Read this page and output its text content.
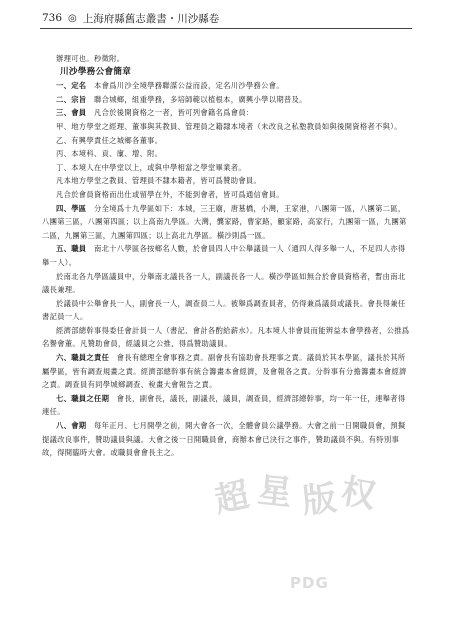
736 ◎ 上海府縣舊志叢書・川沙縣卷

辦理可也。秒徵附。

川沙學務公會簡章

一、定名　 本會爲川沙全境學務聯謀公益而設，定名川沙學務公會。

二、宗旨　 聯合城鄉，組重學務，多培師範以植根本，廣興小學以期普及。

三、會員　 凡合於後開資格之一者，皆可列會籍名爲會員：

甲、地方學堂之經理、董事與其教員、管理員之籍隸本境者（未改良之私塾教員如與後開資格者不與）。

乙、有興學責任之城鄉各董事。

丙、本境科、貢、廩、增、附。

丁、本境人在中學堂以上，或與中學相當之學堂畢業者。

凡本地方學堂之教員、管理員不隸本籍者，皆可爲贊助會員。

凡合於會員資格而出仕或留學在外，不能到會者，皆可爲通信會員。

四、學區　 分全境爲十九學區如下：本城，三王廟，唐墓橋，小灣，王家港，八團第一區，八團第二區，八團第三區，八團第四區；以上高南九學區。大灣，龔家路，曹家路，顧家路，高家行，九團第一區，九團第二區，九團第三區，九團第四區；以上高北九學區。橫沙則爲一區。

五、職員　 南北十八學區各按鄉名人數，於會員四人中公舉議員一人（通四人得多舉一人，不足四人亦得舉一人）。

於南北各九學區議員中，分舉南北議長各一人，副議長各一人。橫沙學區如無合於會員資格者，暫由南北議長兼理。

於議員中公舉會長一人，副會長一人，調查員二人。被舉爲調查員者，仍得兼爲議員或議長。會長得兼任書記員一人。

經濟部總幹事得委任會計員一人（書記、會計各酌給薪水）。凡本境人非會員而能辨益本會學務者，公推爲名譽會董。凡贊助會員，經議員之公推，得爲贊助議員。

六、職員之責任　 會長有總理全會事務之責。副會長有協助會長理事之責。議員於其本學區，議長於其所屬學區，皆有調查規畫之責。經濟部總幹事有統合籌畫本會經濟，及會報各之責。分幹事有分擔籌畫本會經濟之責。調查員有同學城鄉調查、稅畫大會報告之責。

七、職員之任期　 會長，副會長，議長，副議長，議員，調查員，經濟部總幹事，均一年一任，連舉者得連任。

八、會期　 每年正月、七月開學之前，開大會各一次，全體會員公議學務。大會之前一日開職員會，預擬提議改良事件，贊助議員與議。大會之後一日開職員會，商辦本會已決行之事件，贊助議員不與。有特別事故，得開臨時大會。或職員會會長主之。

超 星 版 权
PDG
